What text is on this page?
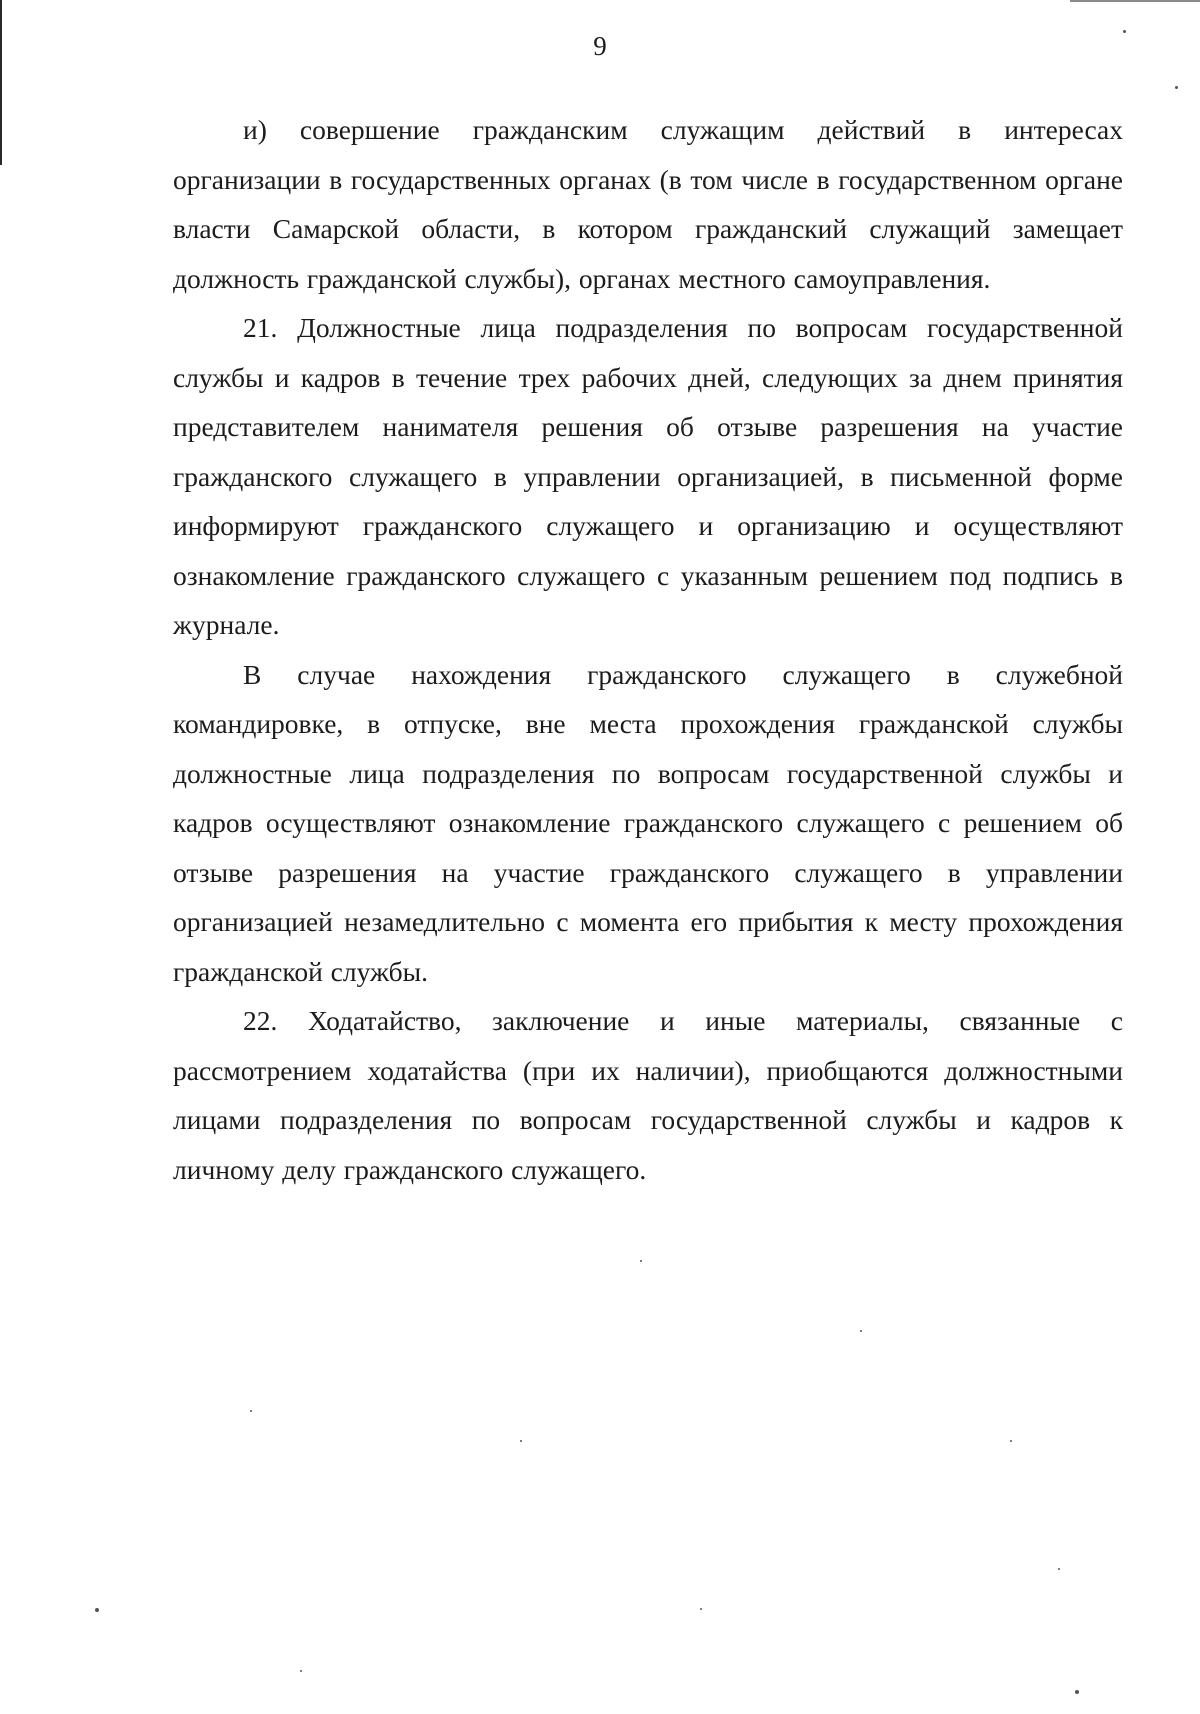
9

и) совершение гражданским служащим действий в интересах организации в государственных органах (в том числе в государственном органе власти Самарской области, в котором гражданский служащий замещает должность гражданской службы), органах местного самоуправления.

21. Должностные лица подразделения по вопросам государственной службы и кадров в течение трех рабочих дней, следующих за днем принятия представителем нанимателя решения об отзыве разрешения на участие гражданского служащего в управлении организацией, в письменной форме информируют гражданского служащего и организацию и осуществляют ознакомление гражданского служащего с указанным решением под подпись в журнале.

В случае нахождения гражданского служащего в служебной командировке, в отпуске, вне места прохождения гражданской службы должностные лица подразделения по вопросам государственной службы и кадров осуществляют ознакомление гражданского служащего с решением об отзыве разрешения на участие гражданского служащего в управлении организацией незамедлительно с момента его прибытия к месту прохождения гражданской службы.

22. Ходатайство, заключение и иные материалы, связанные с рассмотрением ходатайства (при их наличии), приобщаются должностными лицами подразделения по вопросам государственной службы и кадров к личному делу гражданского служащего.
